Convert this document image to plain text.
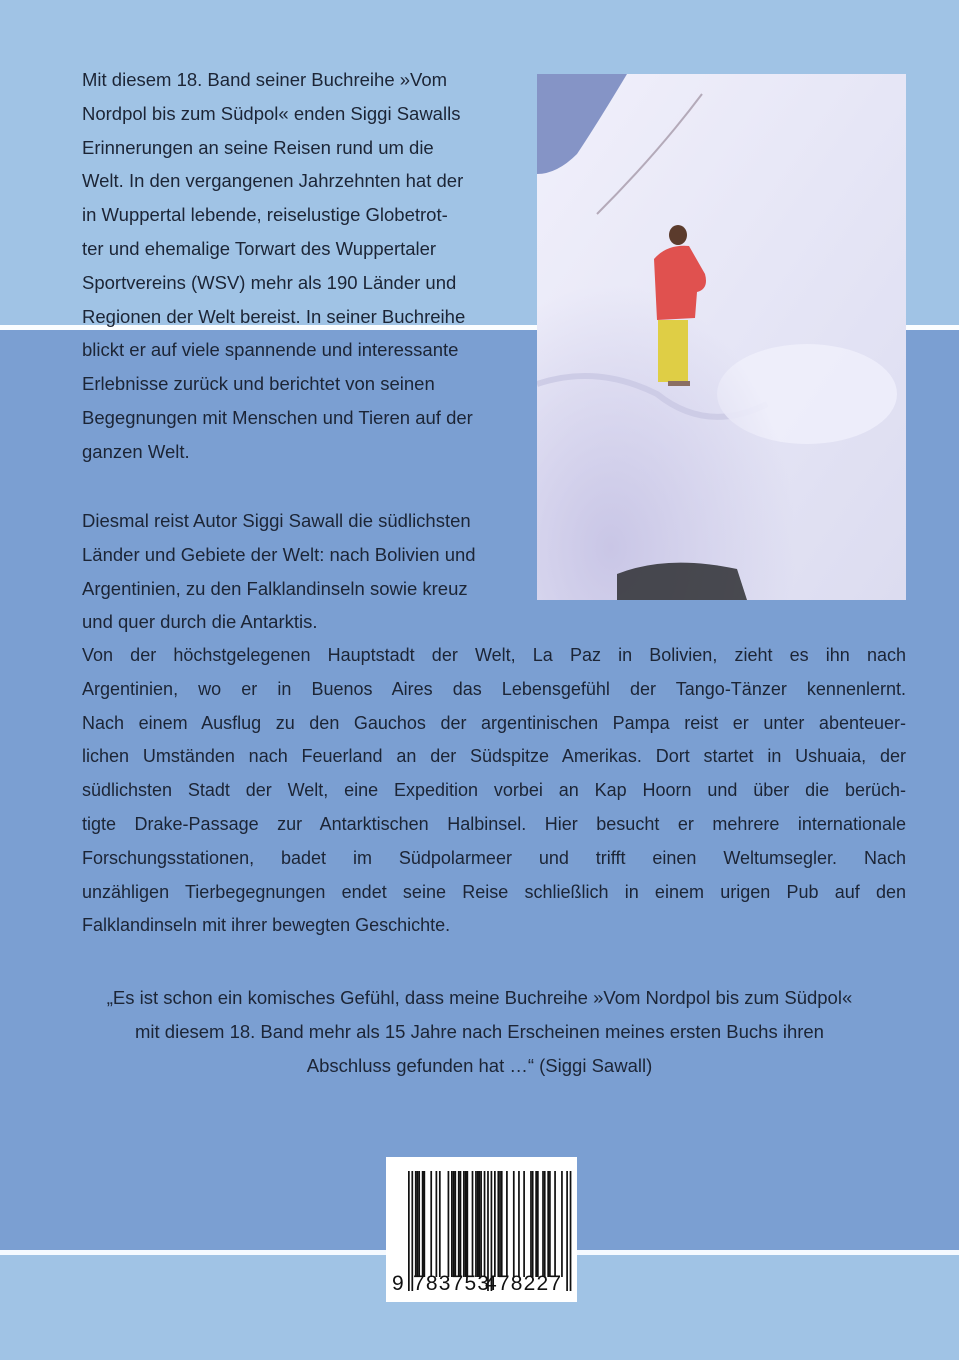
Mit diesem 18. Band seiner Buchreihe »Vom
Nordpol bis zum Südpol« enden Siggi Sawalls
Erinnerungen an seine Reisen rund um die
Welt. In den vergangenen Jahrzehnten hat der
in Wuppertal lebende, reiselustige Globetrot-
ter und ehemalige Torwart des Wuppertaler
Sportvereins (WSV) mehr als 190 Länder und
Regionen der Welt bereist. In seiner Buchreihe
blickt er auf viele spannende und interessante
Erlebnisse zurück und berichtet von seinen
Begegnungen mit Menschen und Tieren auf der
ganzen Welt.
Diesmal reist Autor Siggi Sawall die südlichsten
Länder und Gebiete der Welt: nach Bolivien und
Argentinien, zu den Falklandinseln sowie kreuz
und quer durch die Antarktis.
Von der höchstgelegenen Hauptstadt der Welt, La Paz in Bolivien, zieht es ihn nach
Argentinien, wo er in Buenos Aires das Lebensgefühl der Tango-Tänzer kennenlernt.
Nach einem Ausflug zu den Gauchos der argentinischen Pampa reist er unter abenteuer-
lichen Umständen nach Feuerland an der Südspitze Amerikas. Dort startet in Ushuaia, der
südlichsten Stadt der Welt, eine Expedition vorbei an Kap Hoorn und über die berüch-
tigte Drake-Passage zur Antarktischen Halbinsel. Hier besucht er mehrere internationale
Forschungsstationen, badet im Südpolarmeer und trifft einen Weltumsegler. Nach
unzähligen Tierbegegnungen endet seine Reise schließlich in einem urigen Pub auf den
Falklandinseln mit ihrer bewegten Geschichte.
„Es ist schon ein komisches Gefühl, dass meine Buchreihe »Vom Nordpol bis zum Südpol«
mit diesem 18. Band mehr als 15 Jahre nach Erscheinen meines ersten Buchs ihren
Abschluss gefunden hat …“ (Siggi Sawall)
9 783753
478227
